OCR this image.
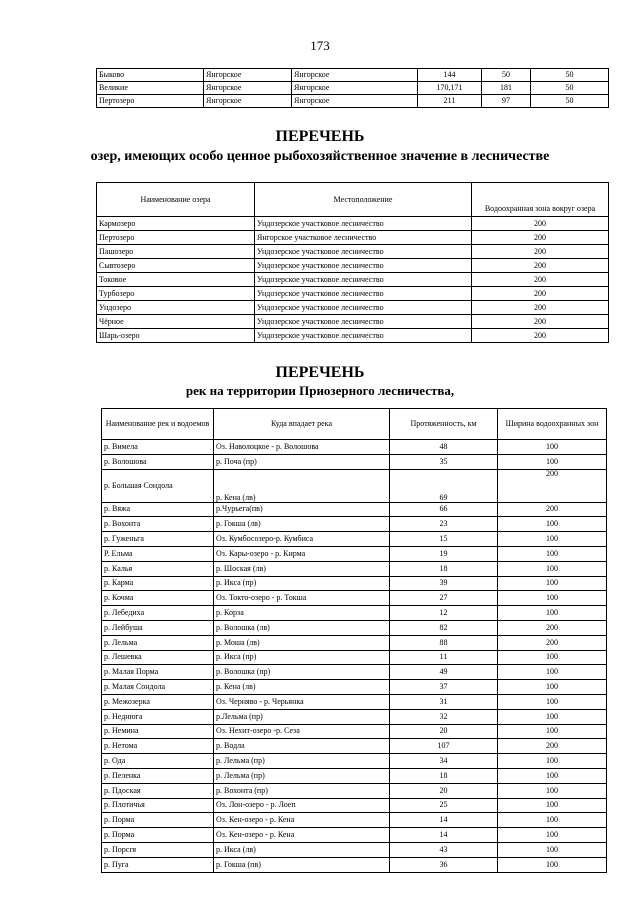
173
Быково	Янгорское	Янгорское	144	50	50
Великие	Янгорское	Янгорское	170,171	181	50
Пертозеро	Янгорское	Янгорское	211	97	50
ПЕРЕЧЕНЬ
озер, имеющих особо ценное рыбохозяйственное значение в лесничестве
Наименование озера	Местоположение	Водоохранная зона вокруг озера
Кармозеро	Ундозерское участковое лесничество	200
Пертозеро	Янгорское участковое лесничество	200
Пашозеро	Ундозерское участковое лесничество	200
Сывтозеро	Ундозерское участковое лесничество	200
Токовое	Ундозерское участковое лесничество	200
Турбозеро	Ундозерское участковое лесничество	200
Ундозеро	Ундозерское участковое лесничество	200
Чёрное	Ундозерское участковое лесничество	200
Шарь-озеро	Ундозерское участковое лесничество	200
ПЕРЕЧЕНЬ
рек на территории Приозерного лесничества,
Наименование рек и водоемов	Куда впадает река	Протяженность, км	Ширина водоохранных зон
р. Вимела	Оз. Наволоцкое - р. Волошова	48	100
р. Волошова	р. Почa (пр)	35	100
р. Большая Сондола	р. Кена (лв)	69	200
р. Вяжа	р.Чурьега(пв)	66	200
р. Вохонта	р. Гокша (лв)	23	100
р. Гуженьга	Оз. Кумбосозеро-р. Кумбиса	15	100
Р. Ельма	Оз. Кары-озеро - р. Кирма	19	100
р. Калья	р. Шоская (лв)	18	100
р. Карма	р. Икса (пр)	39	100
р. Кочма	Оз. Токто-озеро - р. Токша	27	100
р. Лебедиха	р. Корза	12	100
р. Лейбуша	р. Волошка (лв)	82	200
р. Лельма	р. Моша (лв)	88	200
р. Лешевка	р. Икса (пр)	11	100
р. Малая Порма	р. Волошка (пр)	49	100
р. Малая Сондола	р. Кена (лв)	37	100
р. Межозерка	Оз. Черняво - р. Черьянка	31	100
р. Неднюга	р.Лельма (пр)	32	100
р. Немина	Оз. Нехит-озеро -р. Сеза	20	100
р. Нетома	р. Водла	107	200
р. Ода	р. Лельма (пр)	34	100
р. Пеленка	р. Лельма (пр)	18	100
р. Пдоская	р. Вохонта (пр)	20	100
р. Плотичья	Оз. Лон-озеро - р. Лоеп	25	100
р. Порма	Оз. Кен-озеро - р. Кена	14	100
р. Порма	Оз. Кен-озеро - р. Кена	14	100
р. Порсгя	р. Икса (лв)	43	100
р. Пуга	р. Гокша (пв)	36	100
